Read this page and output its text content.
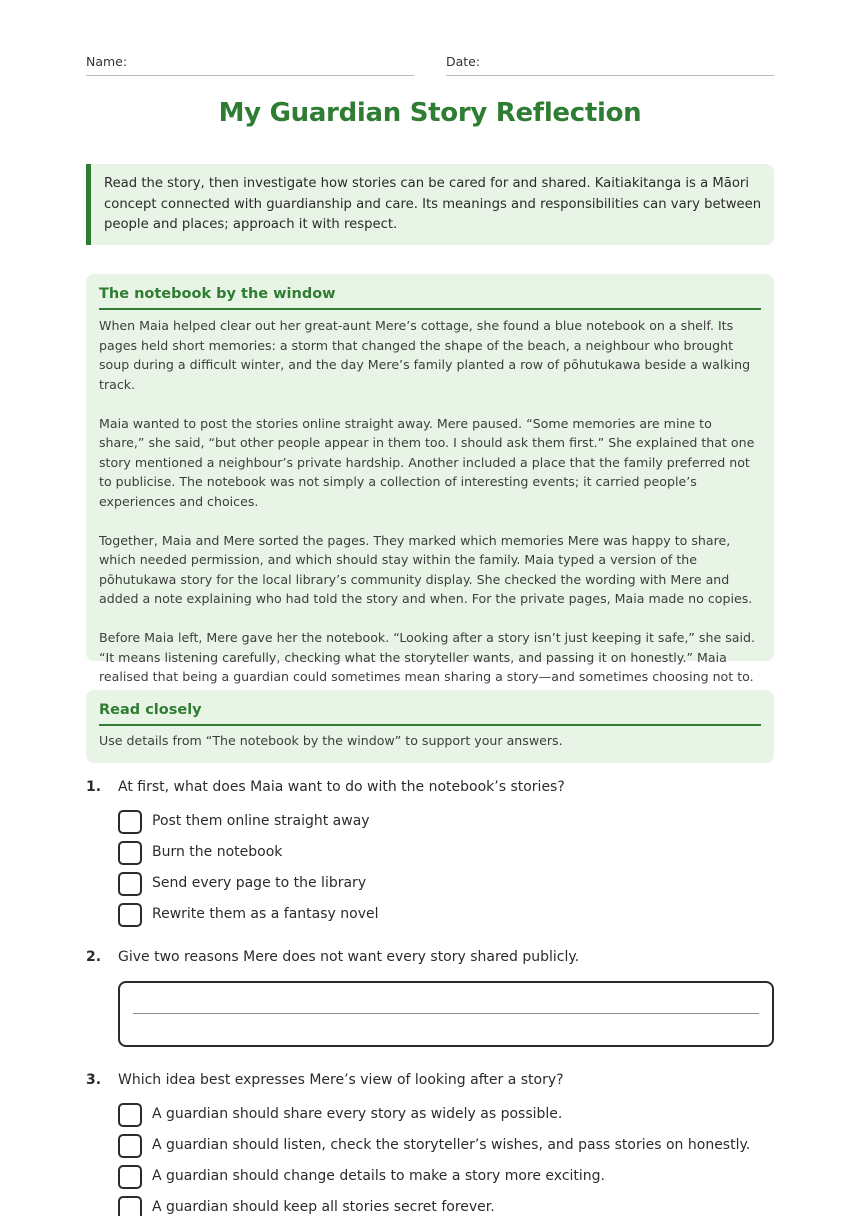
Name:	Date:
My Guardian Story Reflection
Read the story, then investigate how stories can be cared for and shared. Kaitiakitanga is a Māori concept connected with guardianship and care. Its meanings and responsibilities can vary between people and places; approach it with respect.
The notebook by the window

When Maia helped clear out her great-aunt Mere’s cottage, she found a blue notebook on a shelf. Its pages held short memories: a storm that changed the shape of the beach, a neighbour who brought soup during a difficult winter, and the day Mere’s family planted a row of pōhutukawa beside a walking track.

Maia wanted to post the stories online straight away. Mere paused. “Some memories are mine to share,” she said, “but other people appear in them too. I should ask them first.” She explained that one story mentioned a neighbour’s private hardship. Another included a place that the family preferred not to publicise. The notebook was not simply a collection of interesting events; it carried people’s experiences and choices.

Together, Maia and Mere sorted the pages. They marked which memories Mere was happy to share, which needed permission, and which should stay within the family. Maia typed a version of the pōhutukawa story for the local library’s community display. She checked the wording with Mere and added a note explaining who had told the story and when. For the private pages, Maia made no copies.

Before Maia left, Mere gave her the notebook. “Looking after a story isn’t just keeping it safe,” she said. “It means listening carefully, checking what the storyteller wants, and passing it on honestly.” Maia realised that being a guardian could sometimes mean sharing a story—and sometimes choosing not to.

Read closely
Use details from “The notebook by the window” to support your answers.
1. At first, what does Maia want to do with the notebook’s stories?
Post them online straight away
Burn the notebook
Send every page to the library
Rewrite them as a fantasy novel
2. Give two reasons Mere does not want every story shared publicly.
3. Which idea best expresses Mere’s view of looking after a story?
A guardian should share every story as widely as possible.
A guardian should listen, check the storyteller’s wishes, and pass stories on honestly.
A guardian should change details to make a story more exciting.
A guardian should keep all stories secret forever.
